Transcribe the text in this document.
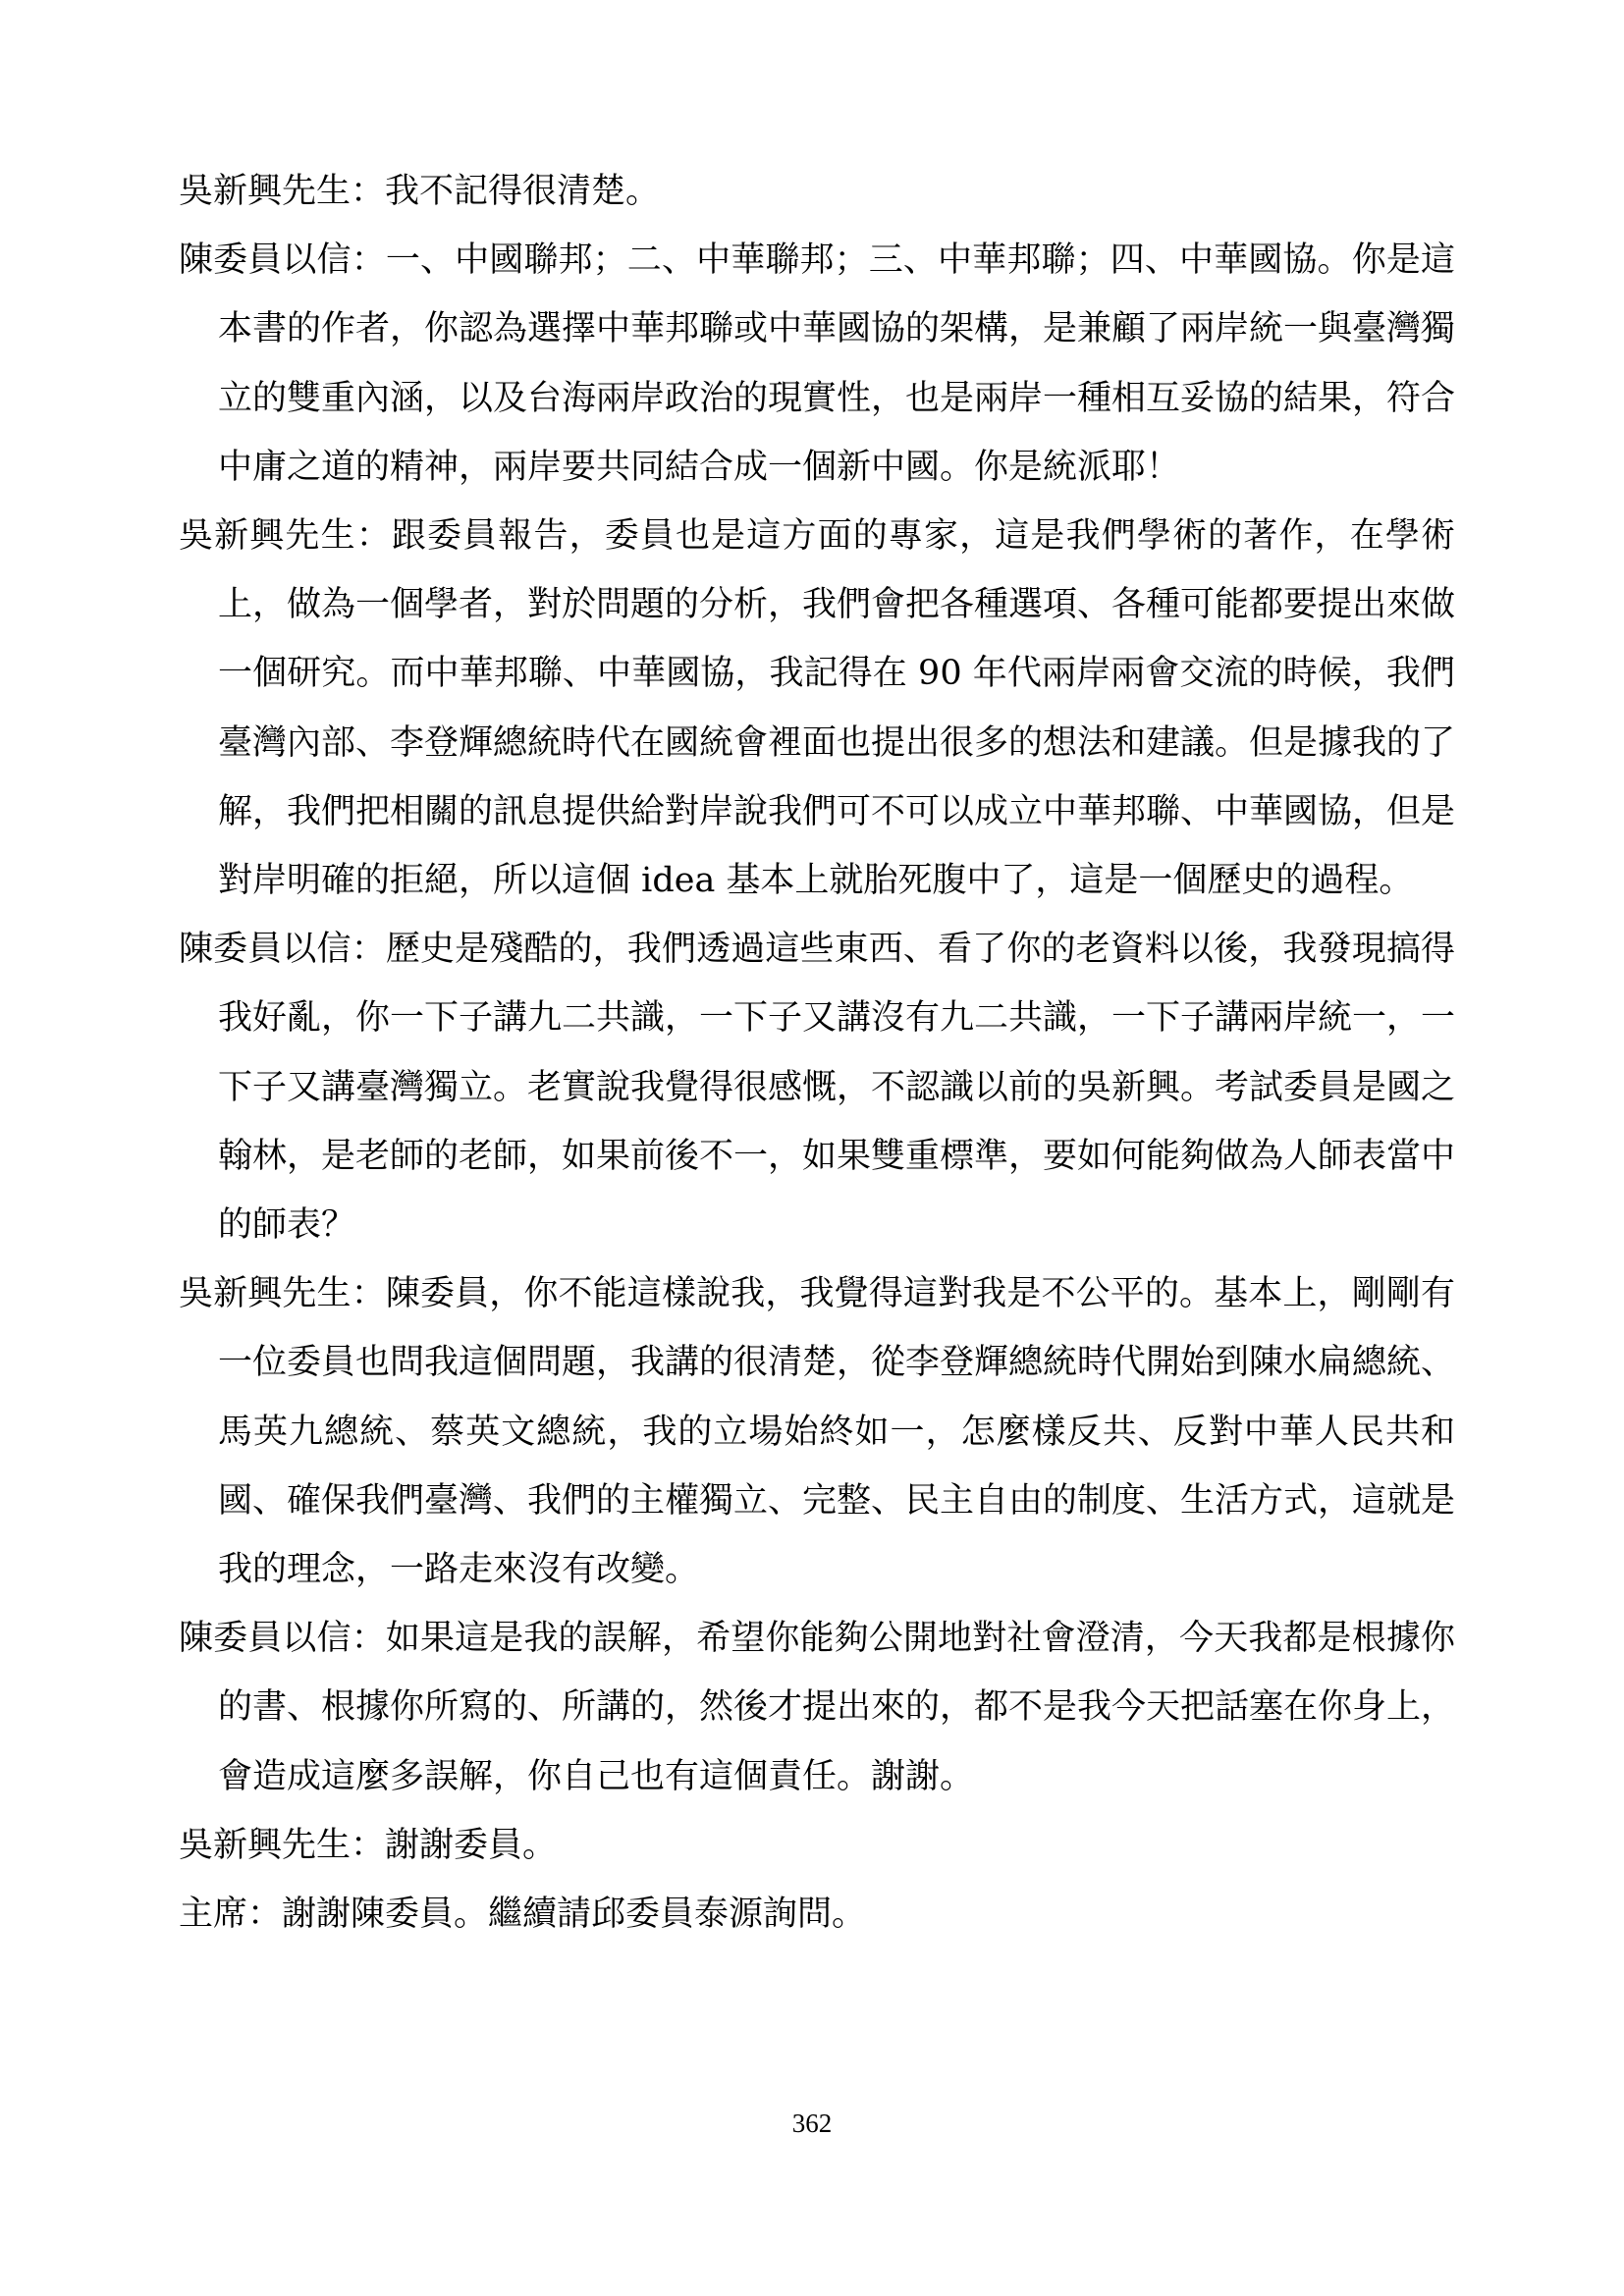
吳新興先生：我不記得很清楚。

陳委員以信：一、中國聯邦；二、中華聯邦；三、中華邦聯；四、中華國協。你是這本書的作者，你認為選擇中華邦聯或中華國協的架構，是兼顧了兩岸統一與臺灣獨立的雙重內涵，以及台海兩岸政治的現實性，也是兩岸一種相互妥協的結果，符合中庸之道的精神，兩岸要共同結合成一個新中國。你是統派耶！

吳新興先生：跟委員報告，委員也是這方面的專家，這是我們學術的著作，在學術上，做為一個學者，對於問題的分析，我們會把各種選項、各種可能都要提出來做一個研究。而中華邦聯、中華國協，我記得在 90 年代兩岸兩會交流的時候，我們臺灣內部、李登輝總統時代在國統會裡面也提出很多的想法和建議。但是據我的了解，我們把相關的訊息提供給對岸說我們可不可以成立中華邦聯、中華國協，但是對岸明確的拒絕，所以這個 idea 基本上就胎死腹中了，這是一個歷史的過程。

陳委員以信：歷史是殘酷的，我們透過這些東西、看了你的老資料以後，我發現搞得我好亂，你一下子講九二共識，一下子又講沒有九二共識，一下子講兩岸統一，一下子又講臺灣獨立。老實說我覺得很感慨，不認識以前的吳新興。考試委員是國之翰林，是老師的老師，如果前後不一，如果雙重標準，要如何能夠做為人師表當中的師表？

吳新興先生：陳委員，你不能這樣說我，我覺得這對我是不公平的。基本上，剛剛有一位委員也問我這個問題，我講的很清楚，從李登輝總統時代開始到陳水扁總統、馬英九總統、蔡英文總統，我的立場始終如一，怎麼樣反共、反對中華人民共和國、確保我們臺灣、我們的主權獨立、完整、民主自由的制度、生活方式，這就是我的理念，一路走來沒有改變。

陳委員以信：如果這是我的誤解，希望你能夠公開地對社會澄清，今天我都是根據你的書、根據你所寫的、所講的，然後才提出來的，都不是我今天把話塞在你身上，會造成這麼多誤解，你自己也有這個責任。謝謝。

吳新興先生：謝謝委員。

主席：謝謝陳委員。繼續請邱委員泰源詢問。

362
